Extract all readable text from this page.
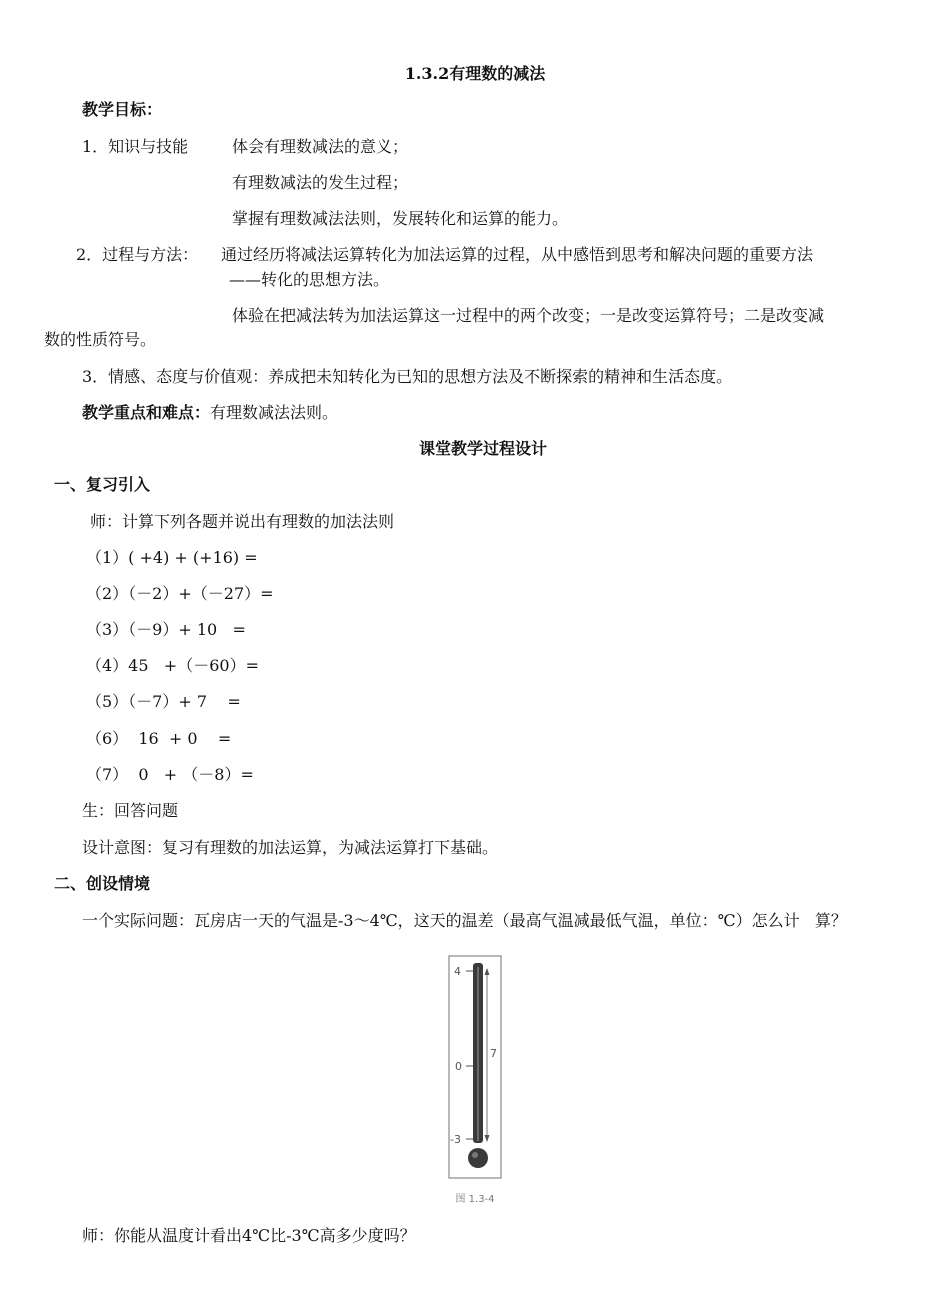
1.3.2有理数的减法
教学目标：
1．知识与技能	体会有理数减法的意义；
有理数减法的发生过程；
掌握有理数减法法则，发展转化和运算的能力。
2．过程与方法： 通过经历将减法运算转化为加法运算的过程，从中感悟到思考和解决问题的重要方法
——转化的思想方法。
体验在把减法转为加法运算这一过程中的两个改变；一是改变运算符号；二是改变减
数的性质符号。
3．情感、态度与价值观：养成把未知转化为已知的思想方法及不断探索的精神和生活态度。
教学重点和难点：有理数减法法则。
课堂教学过程设计
一、复习引入
师：计算下列各题并说出有理数的加法法则
（1）( +4) + (+16) =
（2）（－2）+（－27）=
（3）（－9）+ 10   =
（4）45   +（－60）=
（5）（－7）+ 7    =
（6）  16  + 0    =
（7）  0   + （－8）=
生：回答问题
设计意图：复习有理数的加法运算，为减法运算打下基础。
二、创设情境
一个实际问题：瓦房店一天的气温是-3～4℃，这天的温差（最高气温减最低气温，单位：℃）怎么计   算？
4
0
-3
7
图 1.3-4
师：你能从温度计看出4℃比-3℃高多少度吗？
